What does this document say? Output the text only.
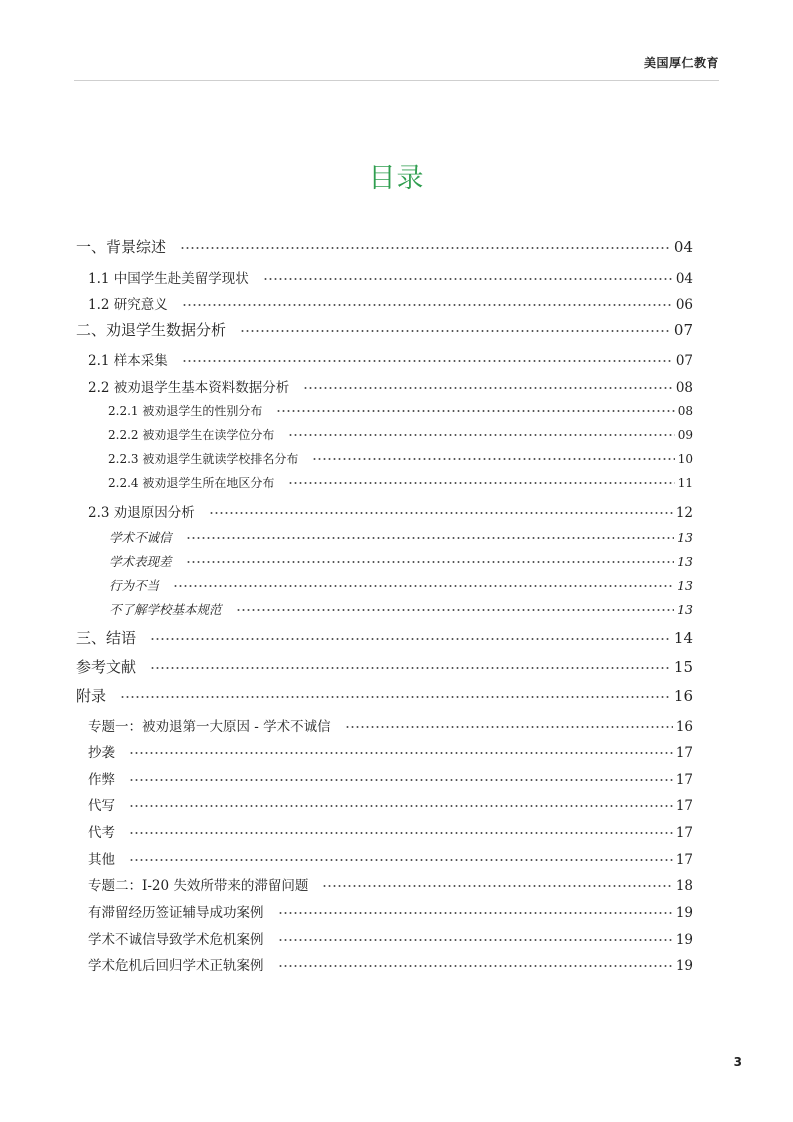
美国厚仁教育
目录
一、背景综述	04
1.1 中国学生赴美留学现状	04
1.2 研究意义	06
二、劝退学生数据分析	07
2.1 样本采集	07
2.2 被劝退学生基本资料数据分析	08
2.2.1 被劝退学生的性别分布	08
2.2.2 被劝退学生在读学位分布	09
2.2.3 被劝退学生就读学校排名分布	10
2.2.4 被劝退学生所在地区分布	11
2.3 劝退原因分析	12
学术不诚信	13
学术表现差	13
行为不当	13
不了解学校基本规范	13
三、结语	14
参考文献	15
附录	16
专题一：被劝退第一大原因 - 学术不诚信	16
抄袭	17
作弊	17
代写	17
代考	17
其他	17
专题二：I-20 失效所带来的滞留问题	18
有滞留经历签证辅导成功案例	19
学术不诚信导致学术危机案例	19
学术危机后回归学术正轨案例	19
3
